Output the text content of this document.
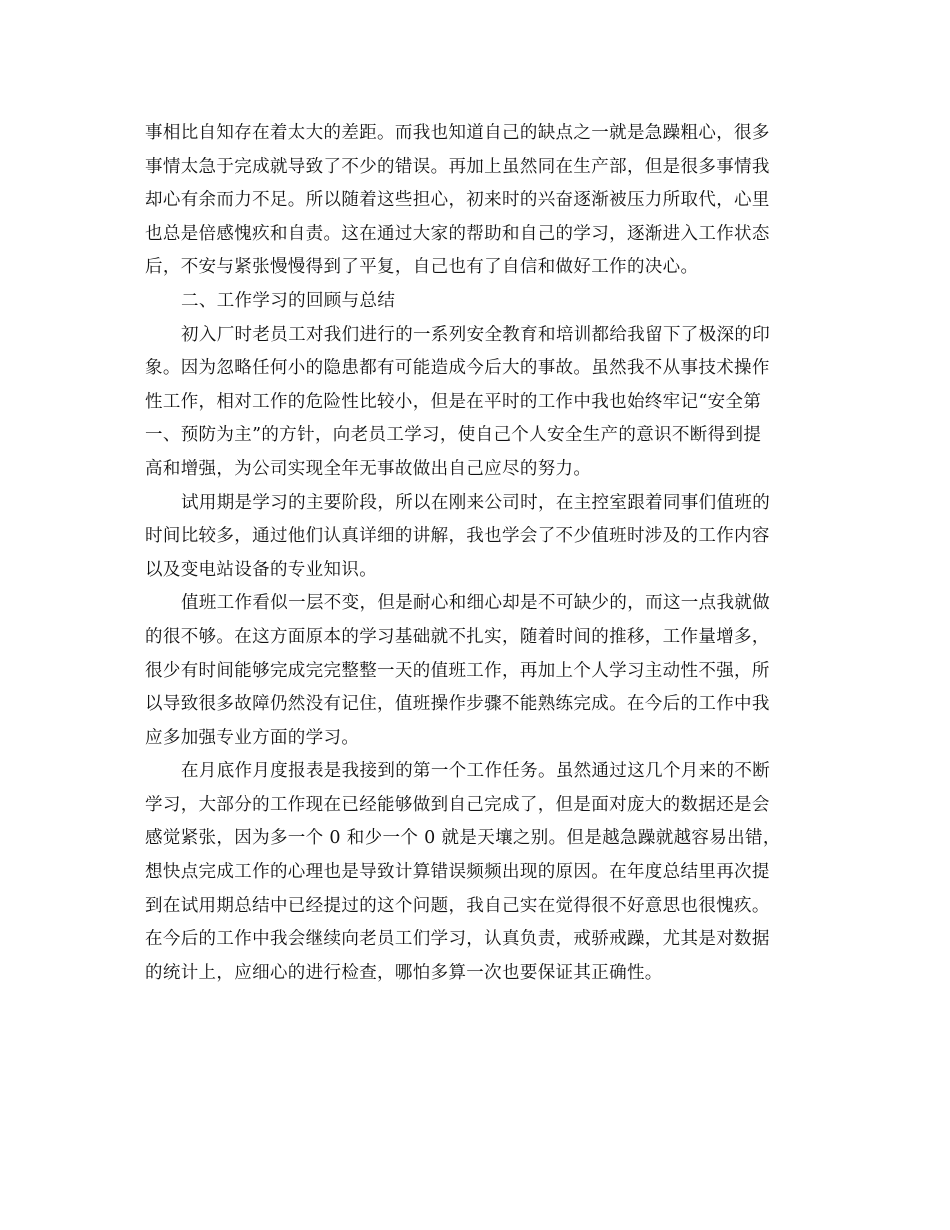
事相比自知存在着太大的差距。而我也知道自己的缺点之一就是急躁粗心，很多
事情太急于完成就导致了不少的错误。再加上虽然同在生产部，但是很多事情我
却心有余而力不足。所以随着这些担心，初来时的兴奋逐渐被压力所取代，心里
也总是倍感愧疚和自责。这在通过大家的帮助和自己的学习，逐渐进入工作状态
后，不安与紧张慢慢得到了平复，自己也有了自信和做好工作的决心。
二、工作学习的回顾与总结
初入厂时老员工对我们进行的一系列安全教育和培训都给我留下了极深的印
象。因为忽略任何小的隐患都有可能造成今后大的事故。虽然我不从事技术操作
性工作，相对工作的危险性比较小，但是在平时的工作中我也始终牢记“安全第
一、预防为主”的方针，向老员工学习，使自己个人安全生产的意识不断得到提
高和增强，为公司实现全年无事故做出自己应尽的努力。
试用期是学习的主要阶段，所以在刚来公司时，在主控室跟着同事们值班的
时间比较多，通过他们认真详细的讲解，我也学会了不少值班时涉及的工作内容
以及变电站设备的专业知识。
值班工作看似一层不变，但是耐心和细心却是不可缺少的，而这一点我就做
的很不够。在这方面原本的学习基础就不扎实，随着时间的推移，工作量增多，
很少有时间能够完成完完整整一天的值班工作，再加上个人学习主动性不强，所
以导致很多故障仍然没有记住，值班操作步骤不能熟练完成。在今后的工作中我
应多加强专业方面的学习。
在月底作月度报表是我接到的第一个工作任务。虽然通过这几个月来的不断
学习，大部分的工作现在已经能够做到自己完成了，但是面对庞大的数据还是会
感觉紧张，因为多一个 0 和少一个 0 就是天壤之别。但是越急躁就越容易出错，
想快点完成工作的心理也是导致计算错误频频出现的原因。在年度总结里再次提
到在试用期总结中已经提过的这个问题，我自己实在觉得很不好意思也很愧疚。
在今后的工作中我会继续向老员工们学习，认真负责，戒骄戒躁，尤其是对数据
的统计上，应细心的进行检查，哪怕多算一次也要保证其正确性。
